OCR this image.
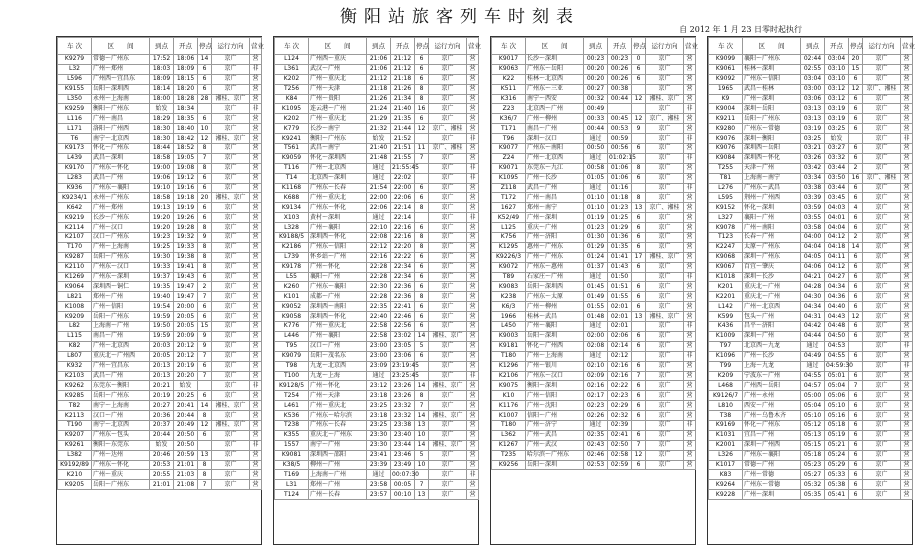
衡阳站旅客列车时刻表
自 2012 年 1 月 23 日零时起执行
车 次	区　　间	到点	开点	停点	运行方向	营业
K9279	常德～广州东	17:52	18:06	14	京广	营
L32	广州～郑州	18:03	18:09	6	京广	非
L596	广州西～宜昌东	18:09	18:15	6	京广	营
K9155	岳阳～深圳西	18:14	18:20	6	京广	营
L350	永州～上海南	18:00	18:28	28	湘桂、京广	营
K9259	衡阳～广州东	始发	18:34		京广	非
L116	广州～南昌	18:29	18:35	6	京广	营
L171	洛阳～广州西	18:30	18:40	10	京广	营
T6	南宁～北京西	18:30	18:42	12	湘桂、京广	营
K9173	怀化～广州东	18:44	18:52	8	京广	营
L439	武昌～深圳	18:58	19:05	7	京广	营
K9170	广州东～怀化	19:00	19:08	8	京广	营
L283	武昌～广州	19:06	19:12	6	京广	营
K936	广州东～襄阳	19:10	19:16	6	京广	营
K9234/1	永州～广州东	18:58	19:18	20	湘桂、京广	营
K642	广州～郑州	19:13	19:19	6	京广	营
K9219	长沙～广州东	19:20	19:26	6	京广	营
K2114	广州～汉口	19:20	19:28	8	京广	营
K2107	汉口～广州东	19:23	19:32	9	京广	营
T170	广州～上海南	19:25	19:33	8	京广	营
K9287	岳阳～广州东	19:30	19:38	8	京广	营
K2110	广州东～汉口	19:33	19:41	8	京广	营
K1269	广州东～深圳	19:37	19:43	6	京广	营
K9064	深圳西～铜仁	19:35	19:47	2	京广	营
L821	郑州～广州	19:40	19:47	7	京广	营
K1008	广州～信阳	19:54	20:00	6	京广	营
K9209	岳阳～广州东	19:59	20:05	6	京广	营
L82	上海南～广州	19:50	20:05	15	京广	营
L115	南昌～广州	19:59	20:09	9	京广	营
K82	广州～北京西	20:03	20:12	9	京广	营
L807	重庆北～广州西	20:05	20:12	7	京广	营
K932	广州～宜昌东	20:13	20:19	6	京广	营
K2103	武昌～广州	20:13	20:20	7	京广	营
K9262	东莞东～衡阳	20:21	始发		京广	非
K9285	岳阳～广州东	20:19	20:25	6	京广	营
T82	南宁～上海南	20:27	20:41	14	湘桂、京广	营
K2113	汉口～广州	20:36	20:44	8	京广	营
T190	南宁～北京西	20:37	20:49	12	湘桂、京广	营
K9207	广州东～包头	20:44	20:50	6	京广	营
K9261	衡阳～东莞东	始发	20:50		京广	非
L382	广州～达州	20:46	20:59	13	京广	营
K9192/89	广州东～怀化	20:53	21:01	8	京广	营
K210	广州～重庆	20:55	21:03	8	京广	营
K9205	岳阳～广州东	21:01	21:08	7	京广	营
车 次	区　　间	到点	开点	停点	运行方向	营业
L124	广州西～重庆	21:06	21:12	6	京广	营
L361	武汉～广州	21:06	21:12	6	京广	营
K202	广州～重庆北	21:12	21:18	6	京广	营
T256	广州～天津	21:18	21:26	8	京广	营
K84	广州～贵阳	21:26	21:34	8	京广	营
K1095	连云港～广州	21:24	21:40	16	京广	营
K202	广州～重庆北	21:29	21:35	6	京广	营
K779	长沙～南宁	21:32	21:44	12	京广、湘桂	营
K9241	衡阳～广州东	始发	21:52		京广	非
T561	武昌～南宁	21:40	21:51	11	京广、湘桂	营
K9059	怀化～深圳西	21:48	21:55	7	京广	营
T116	广州～北京西	通过	21:55:45		京广	非
T14	北京西～深圳	通过	22:02		京广	非
K1168	广州东～长春	21:54	22:00	6	京广	营
K688	广州～重庆北	22:00	22:06	6	京广	营
K9134	广州东～怀化	22:06	22:14	8	京广	营
X103	黄村～深圳	通过	22:14		京广	非
L328	广州～襄阳	22:10	22:16	6	京广	营
K9188/5	深圳西～怀化	22:08	22:16	8	京广	营
K2186	广州东～信阳	22:12	22:20	8	京广	营
L739	怀乡站～广州	22:16	22:22	6	京广	营
K9178	广州～怀化	22:28	22:34	6	京广	营
L55	襄阳～广州	22:28	22:34	6	京广	营
K260	广州东～襄阳	22:30	22:36	6	京广	营
K101	成都～广州	22:28	22:36	8	京广	营
K9052	深圳西～南阳	22:35	22:41	6	京广	营
K9058	深圳西～怀化	22:40	22:46	6	京广	营
K776	广州～重庆北	22:58	22:56	6	京广	营
L446	广州～襄阳	22:58	23:02	14	湘桂、京广	营
T95	汉口～广州	23:00	23:05	5	京广	营
K9079	岳阳～茂名东	23:00	23:06	6	京广	营
T98	九龙～北京西	23:09	23:19:45		京广	营
T100	九龙～上海	通过	23:25:45		京广	非
K9128/5	广州～怀化	23:12	23:26	14	湘桂、京广	营
T254	广州～天津	23:18	23:26	8	京广	营
L461	广州～重庆北	23:25	23:32	7	京广	营
K536	广州东～哈尔滨	23:18	23:32	14	湘桂、京广	营
T238	广州东～长春	23:25	23:38	13	京广	营
K355	重庆北～广州东	23:30	23:40	10	京广	营
1557	南宁～广州	23:30	23:44	14	湘桂、京广	营
K9081	深圳西～邵阳	23:41	23:46	5	京广	营
K38/5	柳州～广州	23:39	23:49	10	京广	营
T169	上海南～广州	通过	00:07:30		京广	非
L31	郑州～广州	23:58	00:05	7	京广	营
T124	广州～长春	23:57	00:10	13	京广	营
车 次	区　　间	到点	开点	停点	运行方向	营业
K9017	长沙～深圳	00:23	00:23	0	京广	营
K9063	广州东～岳阳	00:20	00:26	6	京广	营
K22	桂林～北京西	00:20	00:26	6	京广	营
K511	广州东～三亚	00:27	00:38		京广	营
K316	南宁～西安	00:32	00:44	12	湘桂、京广	营
Z23	北京西～广州	00:49			京广	非
K36/7	广州～柳州	00:33	00:45	12	京广、湘桂	营
T171	南昌～广州	00:44	00:53	9	京广	营
T96	深圳～汉口	通过	00:59		京广	非
K9077	广州东～南阳	00:50	00:56	6	京广	营
Z24	广州～北京西	通过	01:02:15		京广	非
K9071	东莞东～九江	00:58	01:06	8	京广	营
K1095	广州～长沙	01:05	01:06	6	京广	营
Z118	武昌～广州	通过	01:16		京广	非
T172	广州～南昌	01:10	01:18	8	京广	营
1627	郑州～南宁	01:10	01:23	13	京广、湘桂	营
K52/49	广州～深圳	01:19	01:25	6	京广	营
L125	重庆～广州	01:23	01:29	6	京广	营
K756	广州～济阳	01:30	01:36	6	京广	营
K1295	惠州～广州东	01:29	01:35	6	京广	营
K9226/3	广州～广州东	01:24	01:41	17	湘桂、京广	营
K9072	广州东～惠州	01:37	01:43	6	京广	营
T89	石家庄～广州	通过	01:50		京广	非
K9083	岳阳～深圳西	01:45	01:51	6	京广	营
K238	广州东～太原	01:49	01:55	6	京广	营
K6/3	广州～柳州	01:55	02:01	6	京广	营
1966	桂林～武昌	01:48	02:01	13	湘桂、京广	营
L450	广州～襄阳	通过	02:01		京广	非
K9003	岳阳～深圳	02:00	02:06	6	京广	营
K9181	怀化～广州西	02:08	02:14	6	京广	营
T180	广州～上海南	通过	02:12		京广	非
K1296	广州～银川	02:10	02:16	6	京广	营
K2106	广州东～汉口	02:09	02:16	7	京广	营
K9075	衡阳～深圳	02:16	02:22	6	京广	营
K10	广州～信阳	02:17	02:23	6	京广	营
K1176	广州～沈阳	02:23	02:29	6	京广	营
K1007	信阳～广州	02:26	02:32	6	京广	营
T180	广州～济宁	通过	02:39		京广	非
L362	广州～武昌	02:35	02:41	6	京广	营
K1267	广州～武汉	02:43	02:50	7	京广	营
T235	哈尔滨～广州东	02:46	02:58	12	京广	营
K9256	岳阳～深圳	02:53	02:59	6	京广	营
车 次	区　　间	到点	开点	停点	运行方向	营业
K9099	襄阳～广州东	02:44	03:04	20	京广	营
K9061	桂林～深圳	02:55	03:10	15	京广	营
K9092	广州东～信阳	03:04	03:10	6	京广	营
1965	武昌～桂林	03:00	03:12	12	京广、湘桂	营
K9	广州～深圳	03:06	03:12	6	京广	营
K9004	深圳～岳阳	03:13	03:19	6	京广	营
K9211	岳阳～广州东	03:13	03:19	6	京广	营
K9280	广州东～常德	03:19	03:25	6	京广	营
K9076	深圳～衡阳	03:25	始发		京广	非
K9076	深圳西～岳阳	03:21	03:27	6	京广	营
K9084	深圳西～怀化	03:26	03:32	6	京广	营
T255	天津～广州	03:42	03:44	2	京广	营
T81	上海南～南宁	03:34	03:50	16	京广、湘桂	营
L276	广州东～武昌	03:38	03:44	6	京广	营
L595	荆州～广州西	03:39	03:45	6	京广	营
K9152	怀化～深圳	03:59	04:03	4	京广	营
L327	襄阳～广州	03:55	04:01	6	京广	营
K9078	广州～南阳	03:58	04:04	6	京广	营
T123	长春～广州	04:00	04:12	2	京广	营
K2247	太原～广州东	04:04	04:18	14	京广	营
K9068	深圳～广州东	04:05	04:11	6	京广	营
K9067	百宜～肇庆	04:06	04:12	6	京广	营
K1018	深圳～长沙	04:21	04:27	6	京广	营
K201	重庆北～广州	04:28	04:34	6	京广	营
K2201	重庆北～广州	04:30	04:36	6	京广	营
L142	广州～北京西	04:34	04:40	6	京广	营
K599	包头～广州	04:31	04:43	12	京广	营
K436	昌平～济阳	04:42	04:48	6	京广	营
K1009	深圳～广州	04:44	04:50	6	京广	营
T97	北京西～九龙	通过	04:53		京广	非
K1096	广州～长沙	04:49	04:55	6	京广	营
T99	上海～九龙	通过	04:59:30		京广	非
K209	宁波东～广州	04:55	05:01	6	京广	营
L468	广州西～岳阳	04:57	05:04	7	京广	营
K9126/7	广州～永州	05:00	05:06	6	京广	营
L810	西安～广州	05:04	05:10	6	京广	营
T38	广州～乌鲁木齐	05:10	05:16	6	京广	营
K9169	怀化～广州东	05:12	05:18	6	京广	营
K1031	宜昌～广州	05:13	05:19	6	京广	营
K2001	深圳～广州西	05:15	05:21	6	京广	营
L326	广州东～襄阳	05:18	05:24	6	京广	营
K1017	常德～广州	05:23	05:29	6	京广	营
K83	广州～常德	05:27	05:33	6	京广	营
K9264	广州东～常德	05:32	05:38	6	京广	营
K9228	广州～深圳	05:35	05:41	6	京广	营
